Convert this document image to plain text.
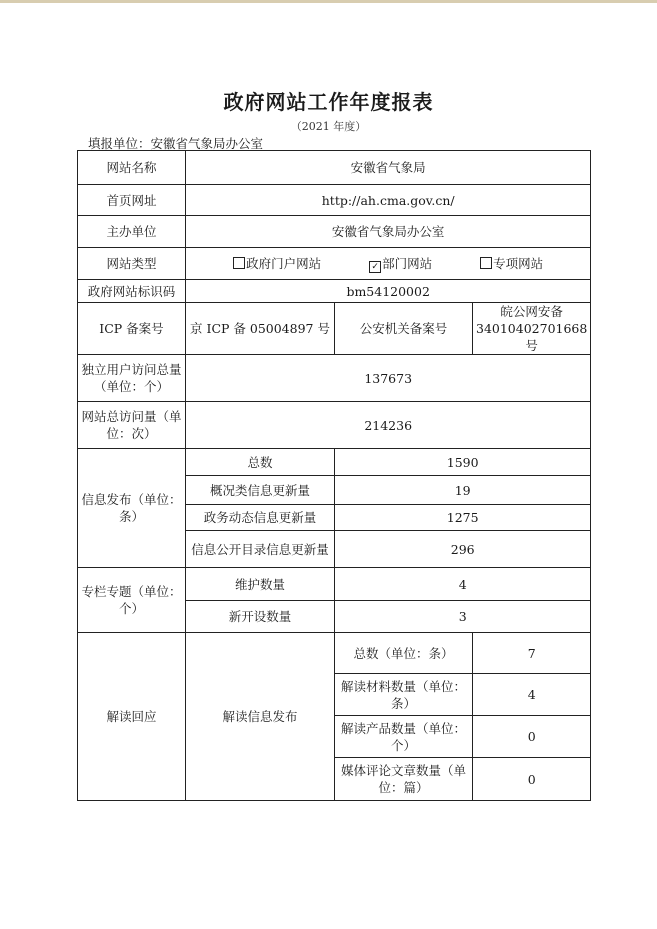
政府网站工作年度报表
（2021 年度）
填报单位：安徽省气象局办公室
网站名称	安徽省气象局		
首页网址	http://ah.cma.gov.cn/		
主办单位	安徽省气象局办公室		
网站类型	政府门户网站 ✓ 部门网站 专项网站		
政府网站标识码	bm54120002		
ICP 备案号	京 ICP 备 05004897 号	公安机关备案号	皖公网安备 34010402701668 号
独立用户访问总量（单位：个）	137673		
网站总访问量（单位：次）	214236		
信息发布（单位：条）	总数	1590	
	概况类信息更新量	19	
	政务动态信息更新量	1275	
	信息公开目录信息更新量	296	
专栏专题（单位：个）	维护数量	4	
	新开设数量	3	
解读回应	解读信息发布	总数（单位：条）	7
		解读材料数量（单位：条）	4
		解读产品数量（单位：个）	0
		媒体评论文章数量（单位：篇）	0
